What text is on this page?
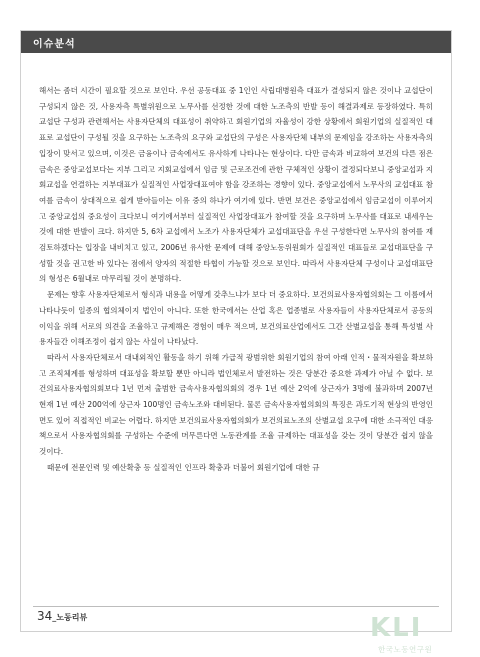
이슈분석

해서는 좀더 시간이 필요할 것으로 보인다. 우선 공동대표 중 1인인 사립대병원측 대표가 결성되지 않은 것이나 교섭단이 구성되지 않은 것, 사용자측 특별위원으로 노무사를 선정한 것에 대한 노조측의 반발 등이 해결과제로 등장하였다. 특히 교섭단 구성과 관련해서는 사용자단체의 대표성이 취약하고 회원기업의 자율성이 강한 상황에서 회원기업의 실질적인 대표로 교섭단이 구성될 것을 요구하는 노조측의 요구와 교섭단의 구성은 사용자단체 내부의 문제임을 강조하는 사용자측의 입장이 맞서고 있으며, 이것은 금융이나 금속에서도 유사하게 나타나는 현상이다. 다만 금속과 비교하여 보건의 다른 점은 금속은 중앙교섭보다는 지부 그리고 지회교섭에서 임금 및 근로조건에 관한 구체적인 상황이 결정되다보니 중앙교섭과 지회교섭을 연결하는 지부대표가 실질적인 사업장대표여야 함을 강조하는 경향이 있다. 중앙교섭에서 노무사의 교섭대표 참여를 금속이 상대적으로 쉽게 받아들이는 이유 중의 하나가 여기에 있다. 반면 보건은 중앙교섭에서 임금교섭이 이루어지고 중앙교섭의 중요성이 크다보니 여기에서부터 실질적인 사업장대표가 참여할 것을 요구하며 노무사를 대표로 내세우는 것에 대한 반발이 크다. 하지만 5, 6차 교섭에서 노조가 사용자단체가 교섭대표단을 우선 구성한다면 노무사의 참여를 재검토하겠다는 입장을 내비치고 있고, 2006년 유사한 문제에 대해 중앙노동위원회가 실질적인 대표들로 교섭대표단을 구성할 것을 권고한 바 있다는 점에서 양자의 적절한 타협이 가능할 것으로 보인다. 따라서 사용자단체 구성이나 교섭대표단의 형성은 6월내로 마무리될 것이 분명하다.

문제는 향후 사용자단체로서 형식과 내용을 어떻게 갖추느냐가 보다 더 중요하다. 보건의료사용자협의회는 그 이름에서 나타나듯이 일종의 협의체이지 법인이 아니다. 또한 한국에서는 산업 혹은 업종별로 사용자들이 사용자단체로서 공동의 이익을 위해 서로의 의견을 조율하고 규제해온 경험이 매우 적으며, 보건의료산업에서도 그간 산별교섭을 통해 특성별 사용자들간 이해조정이 쉽지 않는 사실이 나타났다.

따라서 사용자단체로서 대내외적인 활동을 하기 위해 가급적 광범위한 회원기업의 참여 아래 인적・물적자원을 확보하고 조직체계를 형성하며 대표성을 확보할 뿐만 아니라 법인체로서 발전하는 것은 당분간 중요한 과제가 아닐 수 없다. 보건의료사용자협의회보다 1년 먼저 출범한 금속사용자협의회의 경우 1년 예산 2억에 상근자가 3명에 불과하며 2007년 현재 1년 예산 200억에 상근자 100명인 금속노조와 대비된다. 물론 금속사용자협의회의 특징은 과도기적 현상의 반영인 면도 있어 직접적인 비교는 어렵다. 하지만 보건의료사용자협의회가 보건의료노조의 산별교섭 요구에 대한 소극적인 대응책으로서 사용자협의회를 구성하는 수준에 머무른다면 노동관계를 조율 규제하는 대표성을 갖는 것이 당분간 쉽지 않을 것이다.

때문에 전문인력 및 예산확충 등 실질적인 인프라 확충과 더불어 회원기업에 대한 규

34_노동리뷰	KLI
한국노동연구원
